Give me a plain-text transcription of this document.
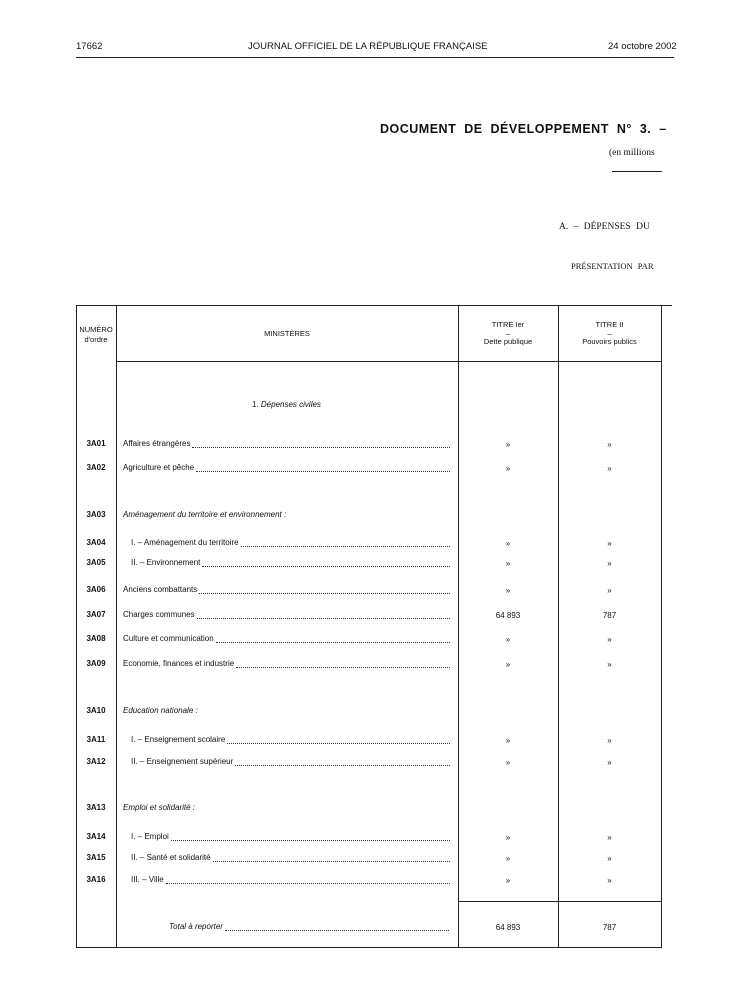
17662	JOURNAL OFFICIEL DE LA RÉPUBLIQUE FRANÇAISE	24 octobre 2002
DOCUMENT DE DÉVELOPPEMENT N° 3. –
(en millions
A. – DÉPENSES DU
PRÉSENTATION PAR
NUMÉRO
d'ordre
MINISTÈRES
TITRE Ier
–
Dette publique
TITRE II
–
Pouvoirs publics
1. Dépenses civiles
3A01	Affaires étrangères	»	»
3A02	Agriculture et pêche	»	»
3A03	Aménagement du territoire et environnement :
3A04	I. – Aménagement du territoire	»	»
3A05	II. – Environnement	»	»
3A06	Anciens combattants	»	»
3A07	Charges communes	64 893	787
3A08	Culture et communication	»	»
3A09	Economie, finances et industrie	»	»
3A10	Education nationale :
3A11	I. – Enseignement scolaire	»	»
3A12	II. – Enseignement supérieur	»	»
3A13	Emploi et solidarité :
3A14	I. – Emploi	»	»
3A15	II. – Santé et solidarité	»	»
3A16	III. – Ville	»	»
Total à reporter	64 893	787
